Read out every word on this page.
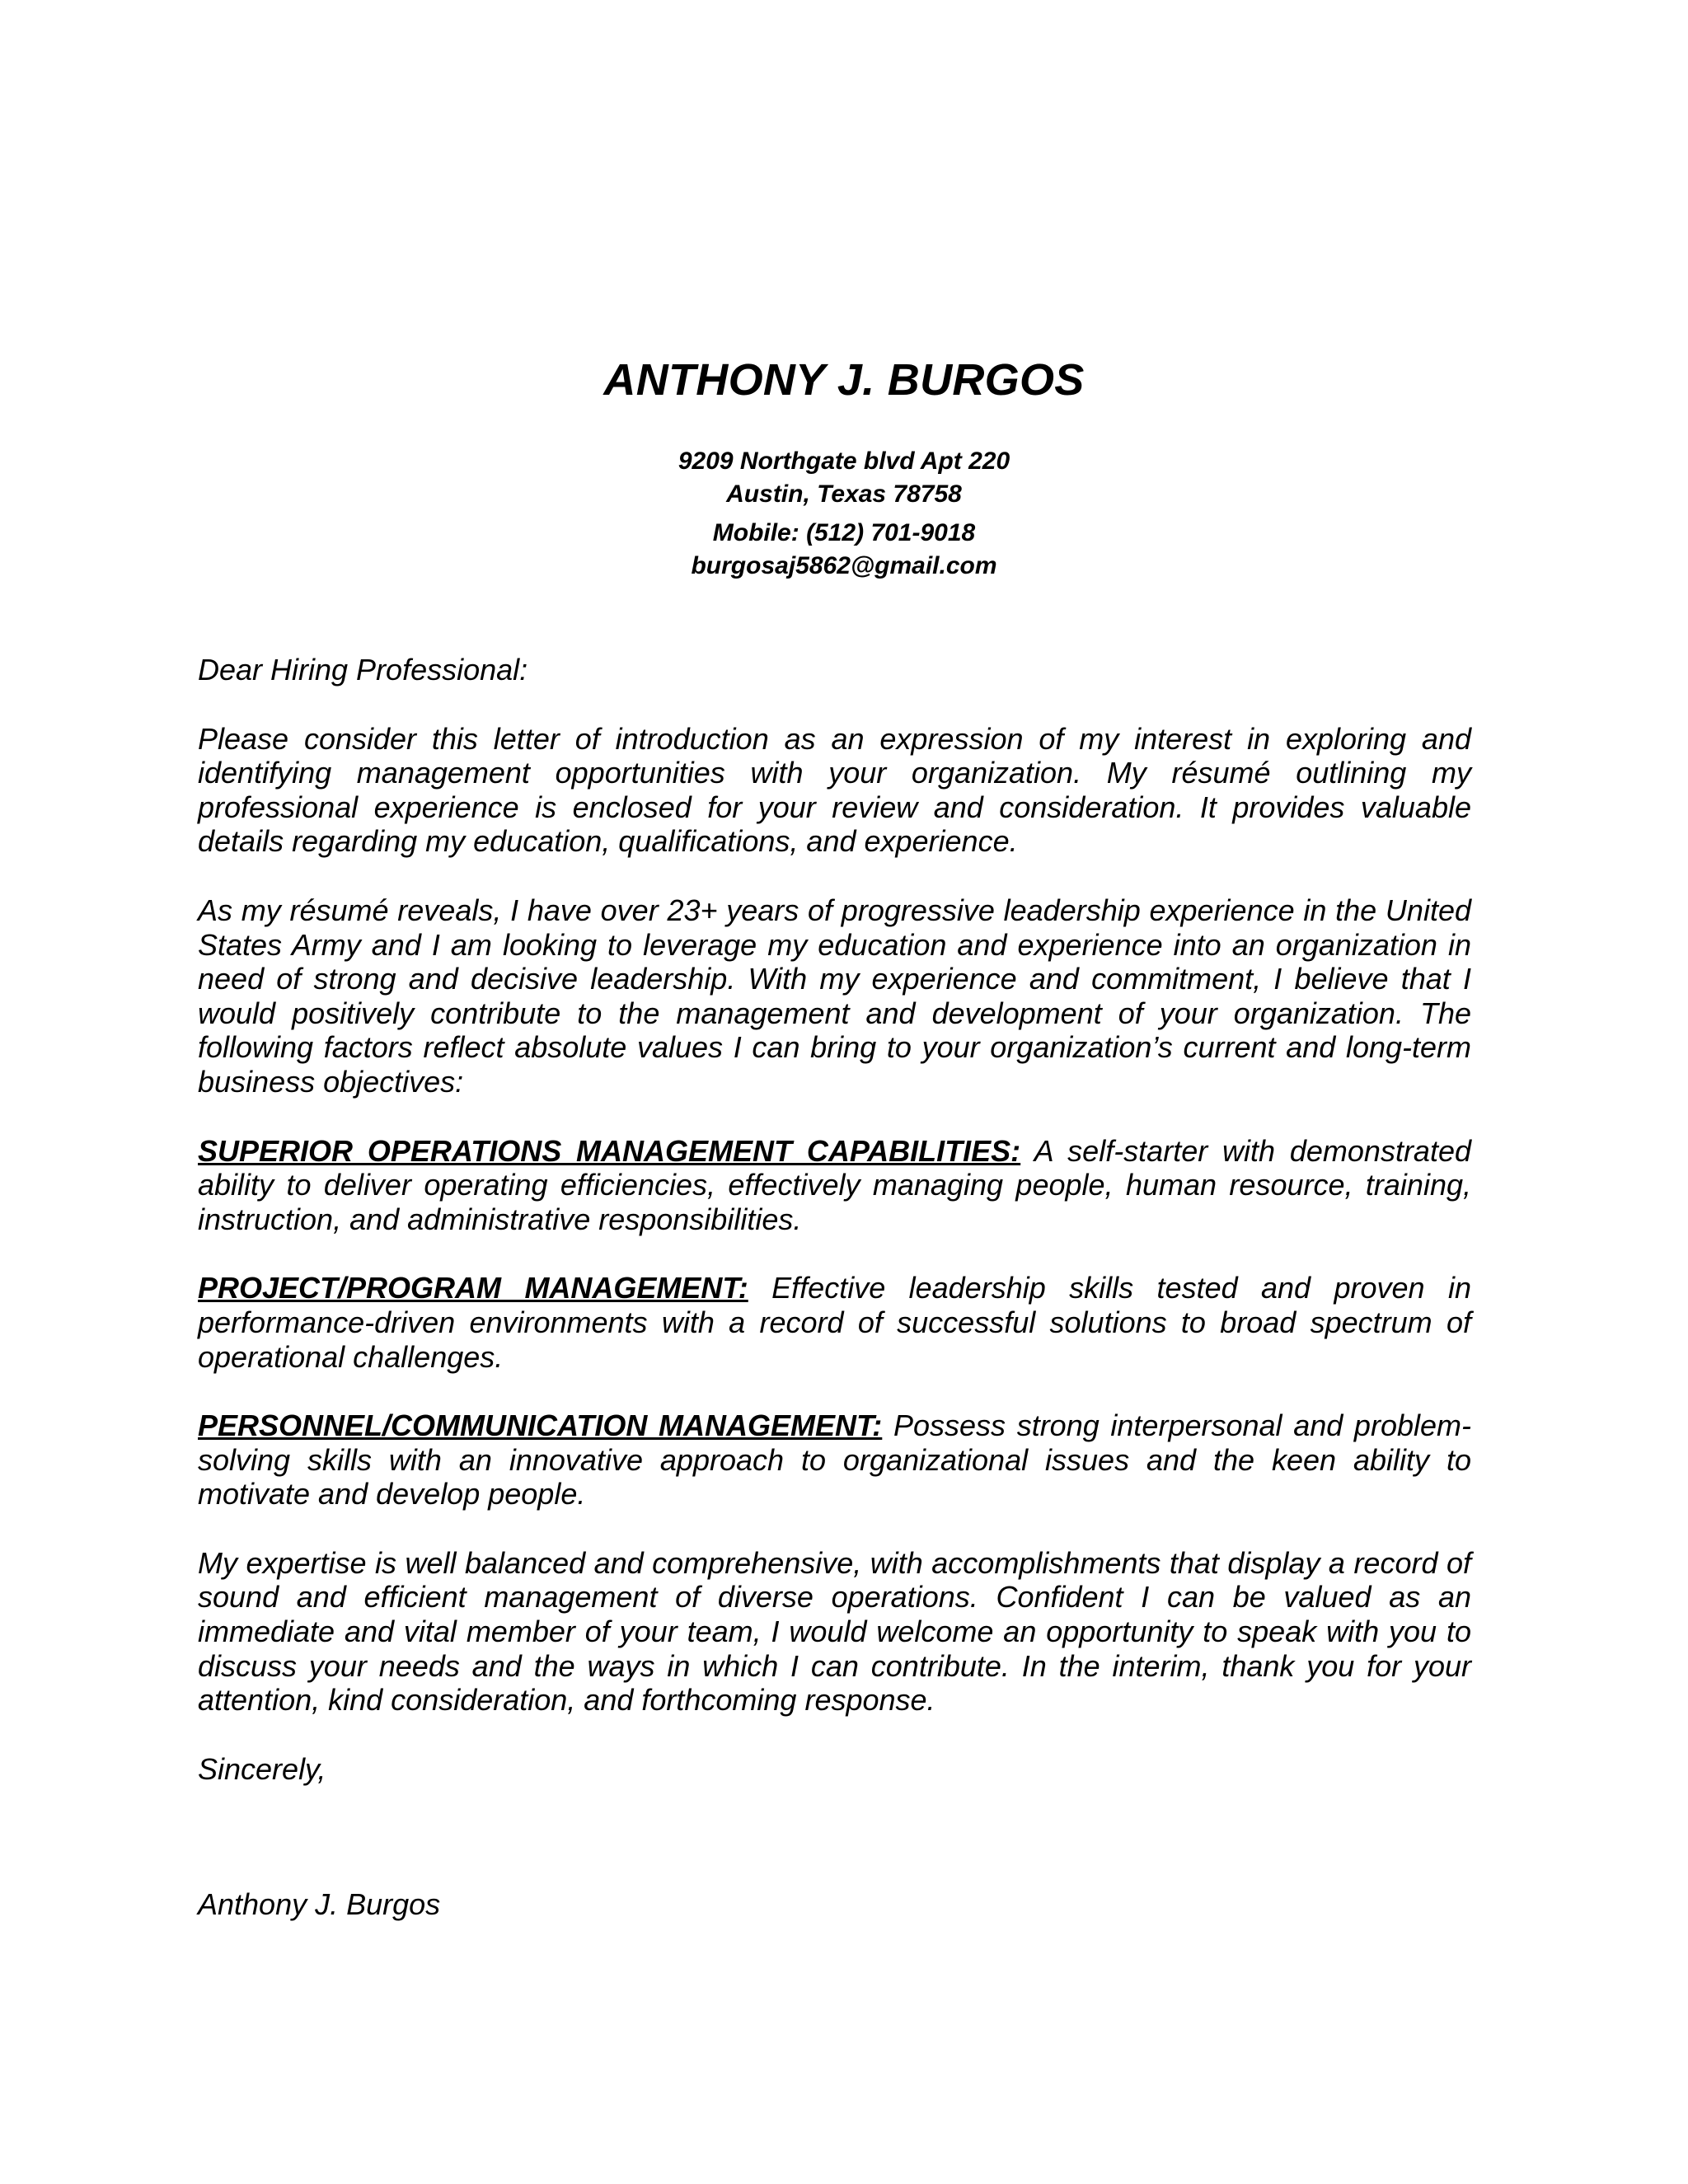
ANTHONY J. BURGOS
9209 Northgate blvd Apt 220
Austin, Texas 78758
Mobile: (512) 701-9018
burgosaj5862@gmail.com

Dear Hiring Professional:

Please consider this letter of introduction as an expression of my interest in exploring and identifying management opportunities with your organization. My résumé outlining my professional experience is enclosed for your review and consideration. It provides valuable details regarding my education, qualifications, and experience.

As my résumé reveals, I have over 23+ years of progressive leadership experience in the United States Army and I am looking to leverage my education and experience into an organization in need of strong and decisive leadership. With my experience and commitment, I believe that I would positively contribute to the management and development of your organization. The following factors reflect absolute values I can bring to your organization’s current and long-term business objectives:

SUPERIOR OPERATIONS MANAGEMENT CAPABILITIES: A self-starter with demonstrated ability to deliver operating efficiencies, effectively managing people, human resource, training, instruction, and administrative responsibilities.

PROJECT/PROGRAM MANAGEMENT: Effective leadership skills tested and proven in performance-driven environments with a record of successful solutions to broad spectrum of operational challenges.

PERSONNEL/COMMUNICATION MANAGEMENT: Possess strong interpersonal and problem-solving skills with an innovative approach to organizational issues and the keen ability to motivate and develop people.

My expertise is well balanced and comprehensive, with accomplishments that display a record of sound and efficient management of diverse operations. Confident I can be valued as an immediate and vital member of your team, I would welcome an opportunity to speak with you to discuss your needs and the ways in which I can contribute. In the interim, thank you for your attention, kind consideration, and forthcoming response.

Sincerely,

Anthony J. Burgos
